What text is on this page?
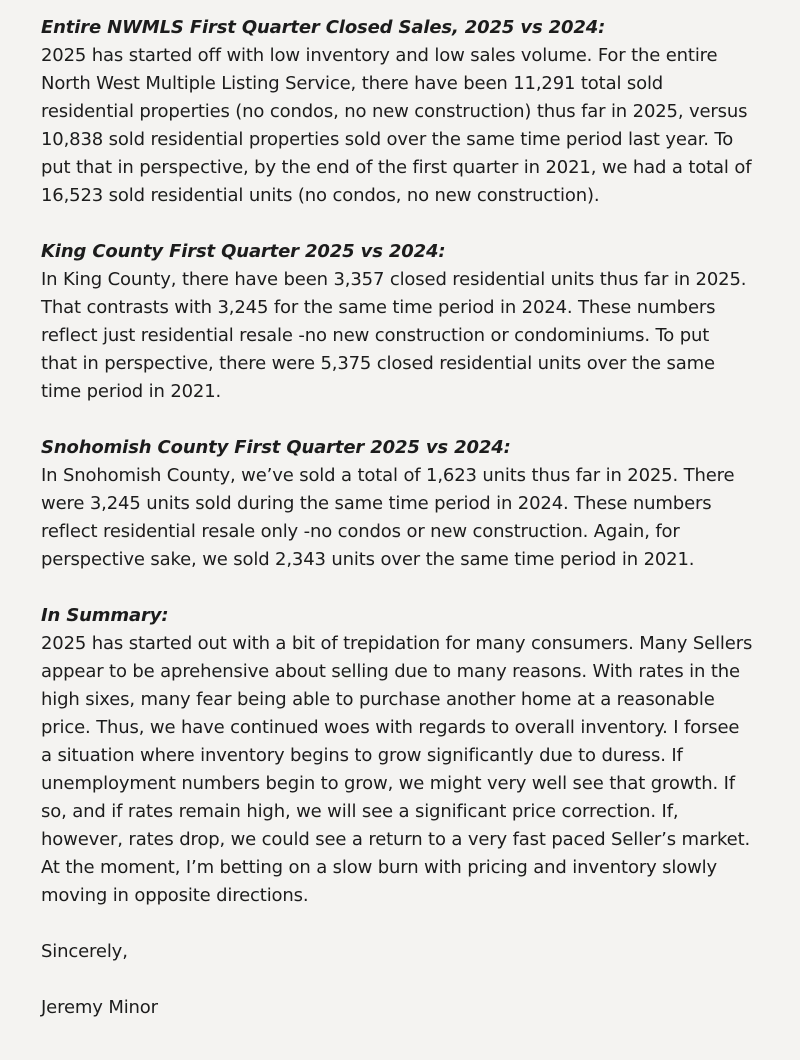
Entire NWMLS First Quarter Closed Sales, 2025 vs 2024:
2025 has started off with low inventory and low sales volume. For the entire
North West Multiple Listing Service, there have been 11,291 total sold
residential properties (no condos, no new construction) thus far in 2025, versus
10,838 sold residential properties sold over the same time period last year. To
put that in perspective, by the end of the first quarter in 2021, we had a total of
16,523 sold residential units (no condos, no new construction).
King County First Quarter 2025 vs 2024:
In King County, there have been 3,357 closed residential units thus far in 2025.
That contrasts with 3,245 for the same time period in 2024. These numbers
reflect just residential resale -no new construction or condominiums. To put
that in perspective, there were 5,375 closed residential units over the same
time period in 2021.
Snohomish County First Quarter 2025 vs 2024:
In Snohomish County, we’ve sold a total of 1,623 units thus far in 2025. There
were 3,245 units sold during the same time period in 2024. These numbers
reflect residential resale only -no condos or new construction. Again, for
perspective sake, we sold 2,343 units over the same time period in 2021.
In Summary:
2025 has started out with a bit of trepidation for many consumers. Many Sellers
appear to be aprehensive about selling due to many reasons. With rates in the
high sixes, many fear being able to purchase another home at a reasonable
price. Thus, we have continued woes with regards to overall inventory. I forsee
a situation where inventory begins to grow significantly due to duress. If
unemployment numbers begin to grow, we might very well see that growth. If
so, and if rates remain high, we will see a significant price correction. If,
however, rates drop, we could see a return to a very fast paced Seller’s market.
At the moment, I’m betting on a slow burn with pricing and inventory slowly
moving in opposite directions.
Sincerely,
Jeremy Minor
